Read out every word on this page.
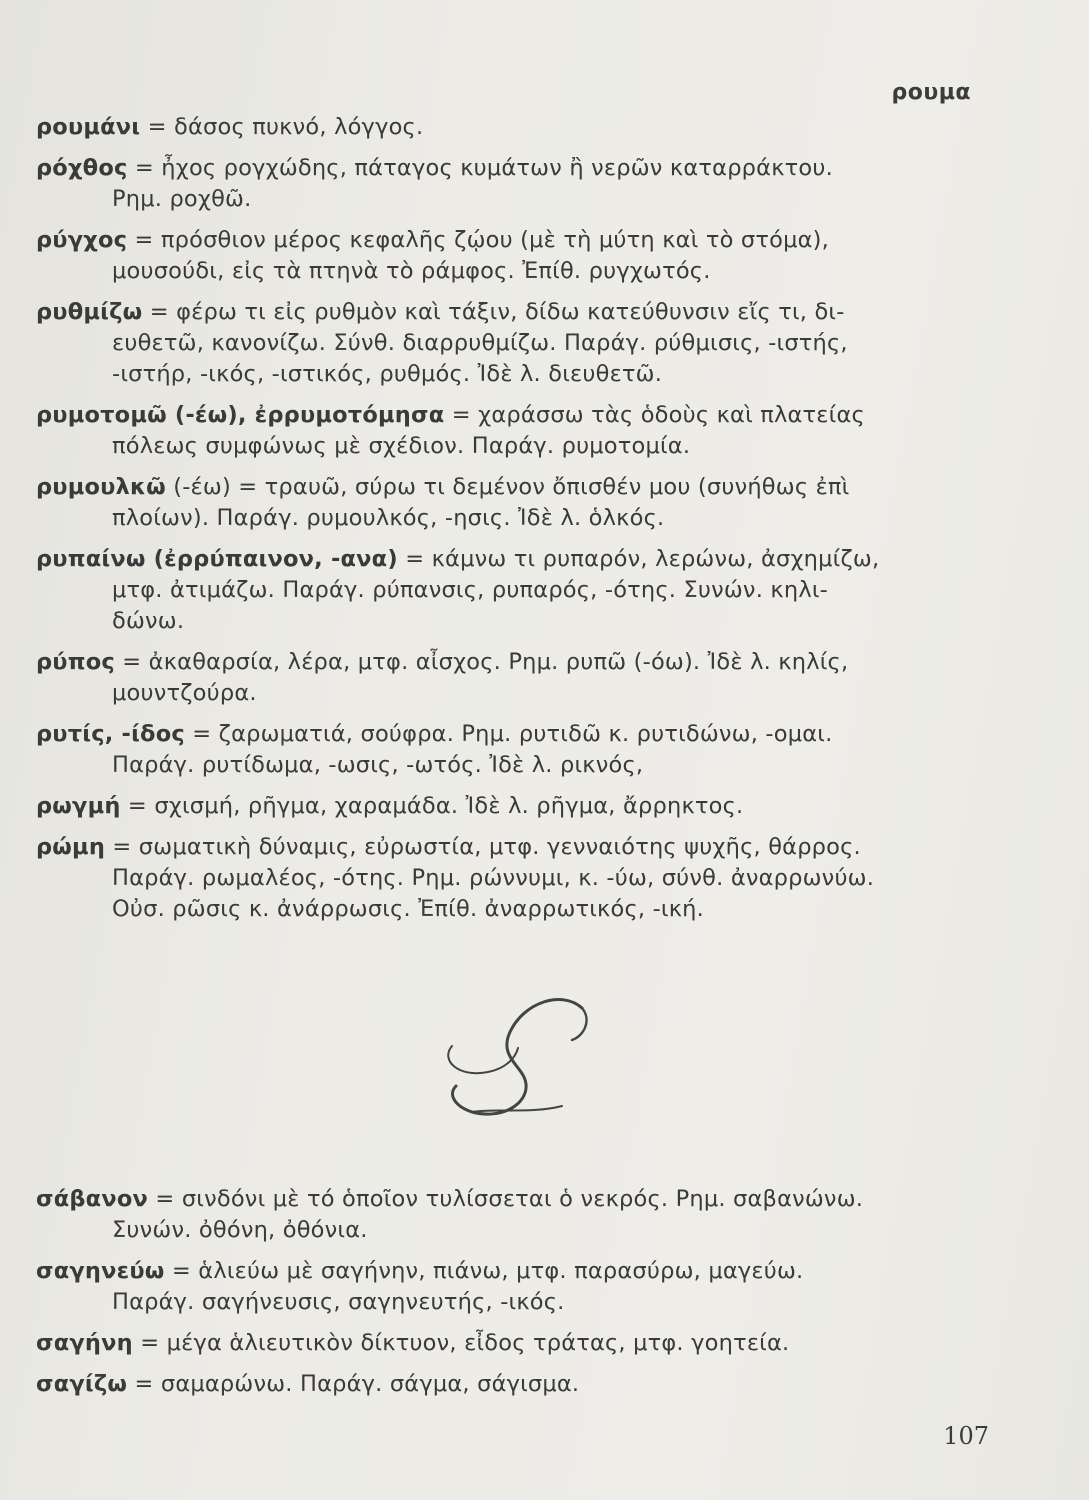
ρουμα
ρουμάνι = δάσος πυκνό, λόγγος.
ρόχθος = ἦχος ρογχώδης, πάταγος κυμάτων ἢ νερῶν καταρράκτου.
Ρημ. ροχθῶ.
ρύγχος = πρόσθιον μέρος κεφαλῆς ζῴου (μὲ τὴ μύτη καὶ τὸ στόμα),
μουσούδι, εἰς τὰ πτηνὰ τὸ ράμφος. Ἐπίθ. ρυγχωτός.
ρυθμίζω = φέρω τι εἰς ρυθμὸν καὶ τάξιν, δίδω κατεύθυνσιν εἴς τι, δι-
ευθετῶ, κανονίζω. Σύνθ. διαρρυθμίζω. Παράγ. ρύθμισις, -ιστής,
-ιστήρ, -ικός, -ιστικός, ρυθμός. Ἰδὲ λ. διευθετῶ.
ρυμοτομῶ (-έω), ἐρρυμοτόμησα = χαράσσω τὰς ὁδοὺς καὶ πλατείας
πόλεως συμφώνως μὲ σχέδιον. Παράγ. ρυμοτομία.
ρυμουλκῶ (-έω) = τραυῶ, σύρω τι δεμένον ὄπισθέν μου (συνήθως ἐπὶ
πλοίων). Παράγ. ρυμουλκός, -ησις. Ἰδὲ λ. ὁλκός.
ρυπαίνω (ἐρρύπαινον, -ανα) = κάμνω τι ρυπαρόν, λερώνω, ἀσχημίζω,
μτφ. ἀτιμάζω. Παράγ. ρύπανσις, ρυπαρός, -ότης. Συνών. κηλι-
δώνω.
ρύπος = ἀκαθαρσία, λέρα, μτφ. αἶσχος. Ρημ. ρυπῶ (-όω). Ἰδὲ λ. κηλίς,
μουντζούρα.
ρυτίς, -ίδος = ζαρωματιά, σούφρα. Ρημ. ρυτιδῶ κ. ρυτιδώνω, -ομαι.
Παράγ. ρυτίδωμα, -ωσις, -ωτός. Ἰδὲ λ. ρικνός,
ρωγμή = σχισμή, ρῆγμα, χαραμάδα. Ἰδὲ λ. ρῆγμα, ἄρρηκτος.
ρώμη = σωματικὴ δύναμις, εὐρωστία, μτφ. γενναιότης ψυχῆς, θάρρος.
Παράγ. ρωμαλέος, -ότης. Ρημ. ρώννυμι, κ. -ύω, σύνθ. ἀναρρωνύω.
Οὐσ. ρῶσις κ. ἀνάρρωσις. Ἐπίθ. ἀναρρωτικός, -ική.
σάβανον = σινδόνι μὲ τό ὁποῖον τυλίσσεται ὁ νεκρός. Ρημ. σαβανώνω.
Συνών. ὀθόνη, ὀθόνια.
σαγηνεύω = ἁλιεύω μὲ σαγήνην, πιάνω, μτφ. παρασύρω, μαγεύω.
Παράγ. σαγήνευσις, σαγηνευτής, -ικός.
σαγήνη = μέγα ἁλιευτικὸν δίκτυον, εἶδος τράτας, μτφ. γοητεία.
σαγίζω = σαμαρώνω. Παράγ. σάγμα, σάγισμα.
107
